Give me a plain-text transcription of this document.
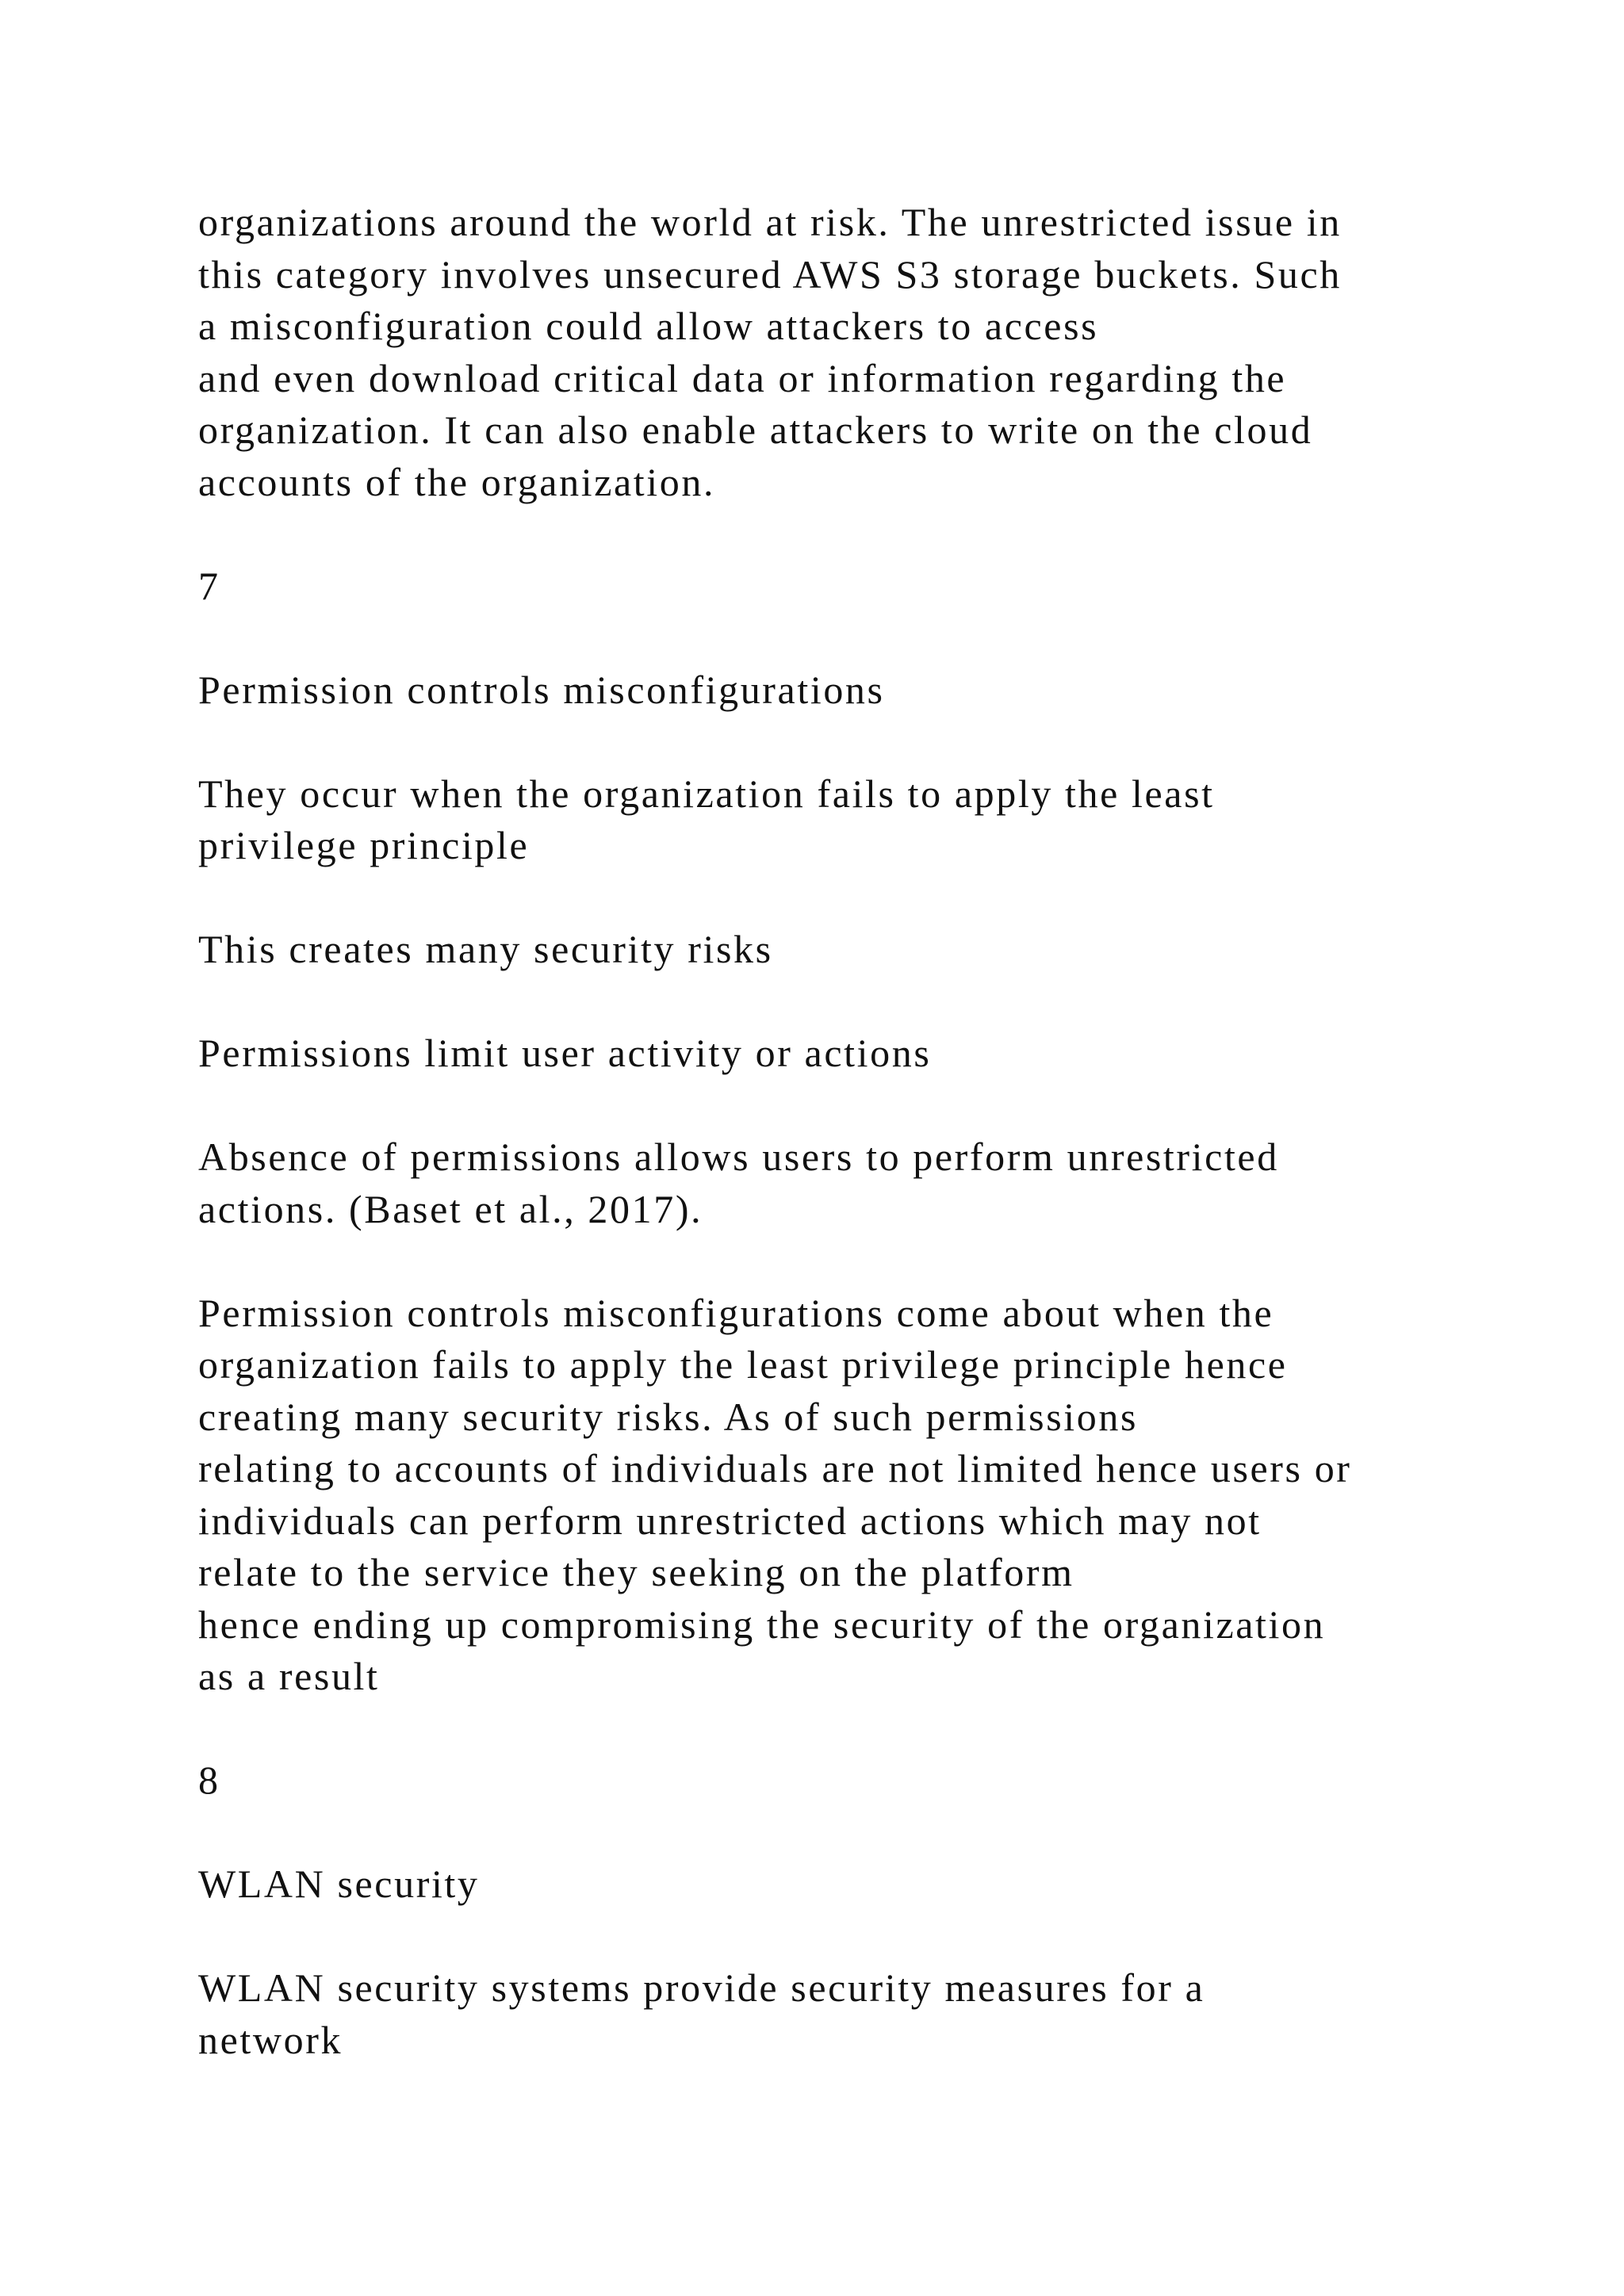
organizations around the world at risk. The unrestricted issue in
this category involves unsecured AWS S3 storage buckets. Such
a misconfiguration could allow attackers to access
and even download critical data or information regarding the
organization. It can also enable attackers to write on the cloud
accounts of the organization.
7
Permission controls misconfigurations
They occur when the organization fails to apply the least
privilege principle
This creates many security risks
Permissions limit user activity or actions
Absence of permissions allows users to perform unrestricted
actions. (Baset et al., 2017).
Permission controls misconfigurations come about when the
organization fails to apply the least privilege principle hence
creating many security risks. As of such permissions
relating to accounts of individuals are not limited hence users or
individuals can perform unrestricted actions which may not
relate to the service they seeking on the platform
hence ending up compromising the security of the organization
as a result
8
WLAN security
WLAN security systems provide security measures for a
network
